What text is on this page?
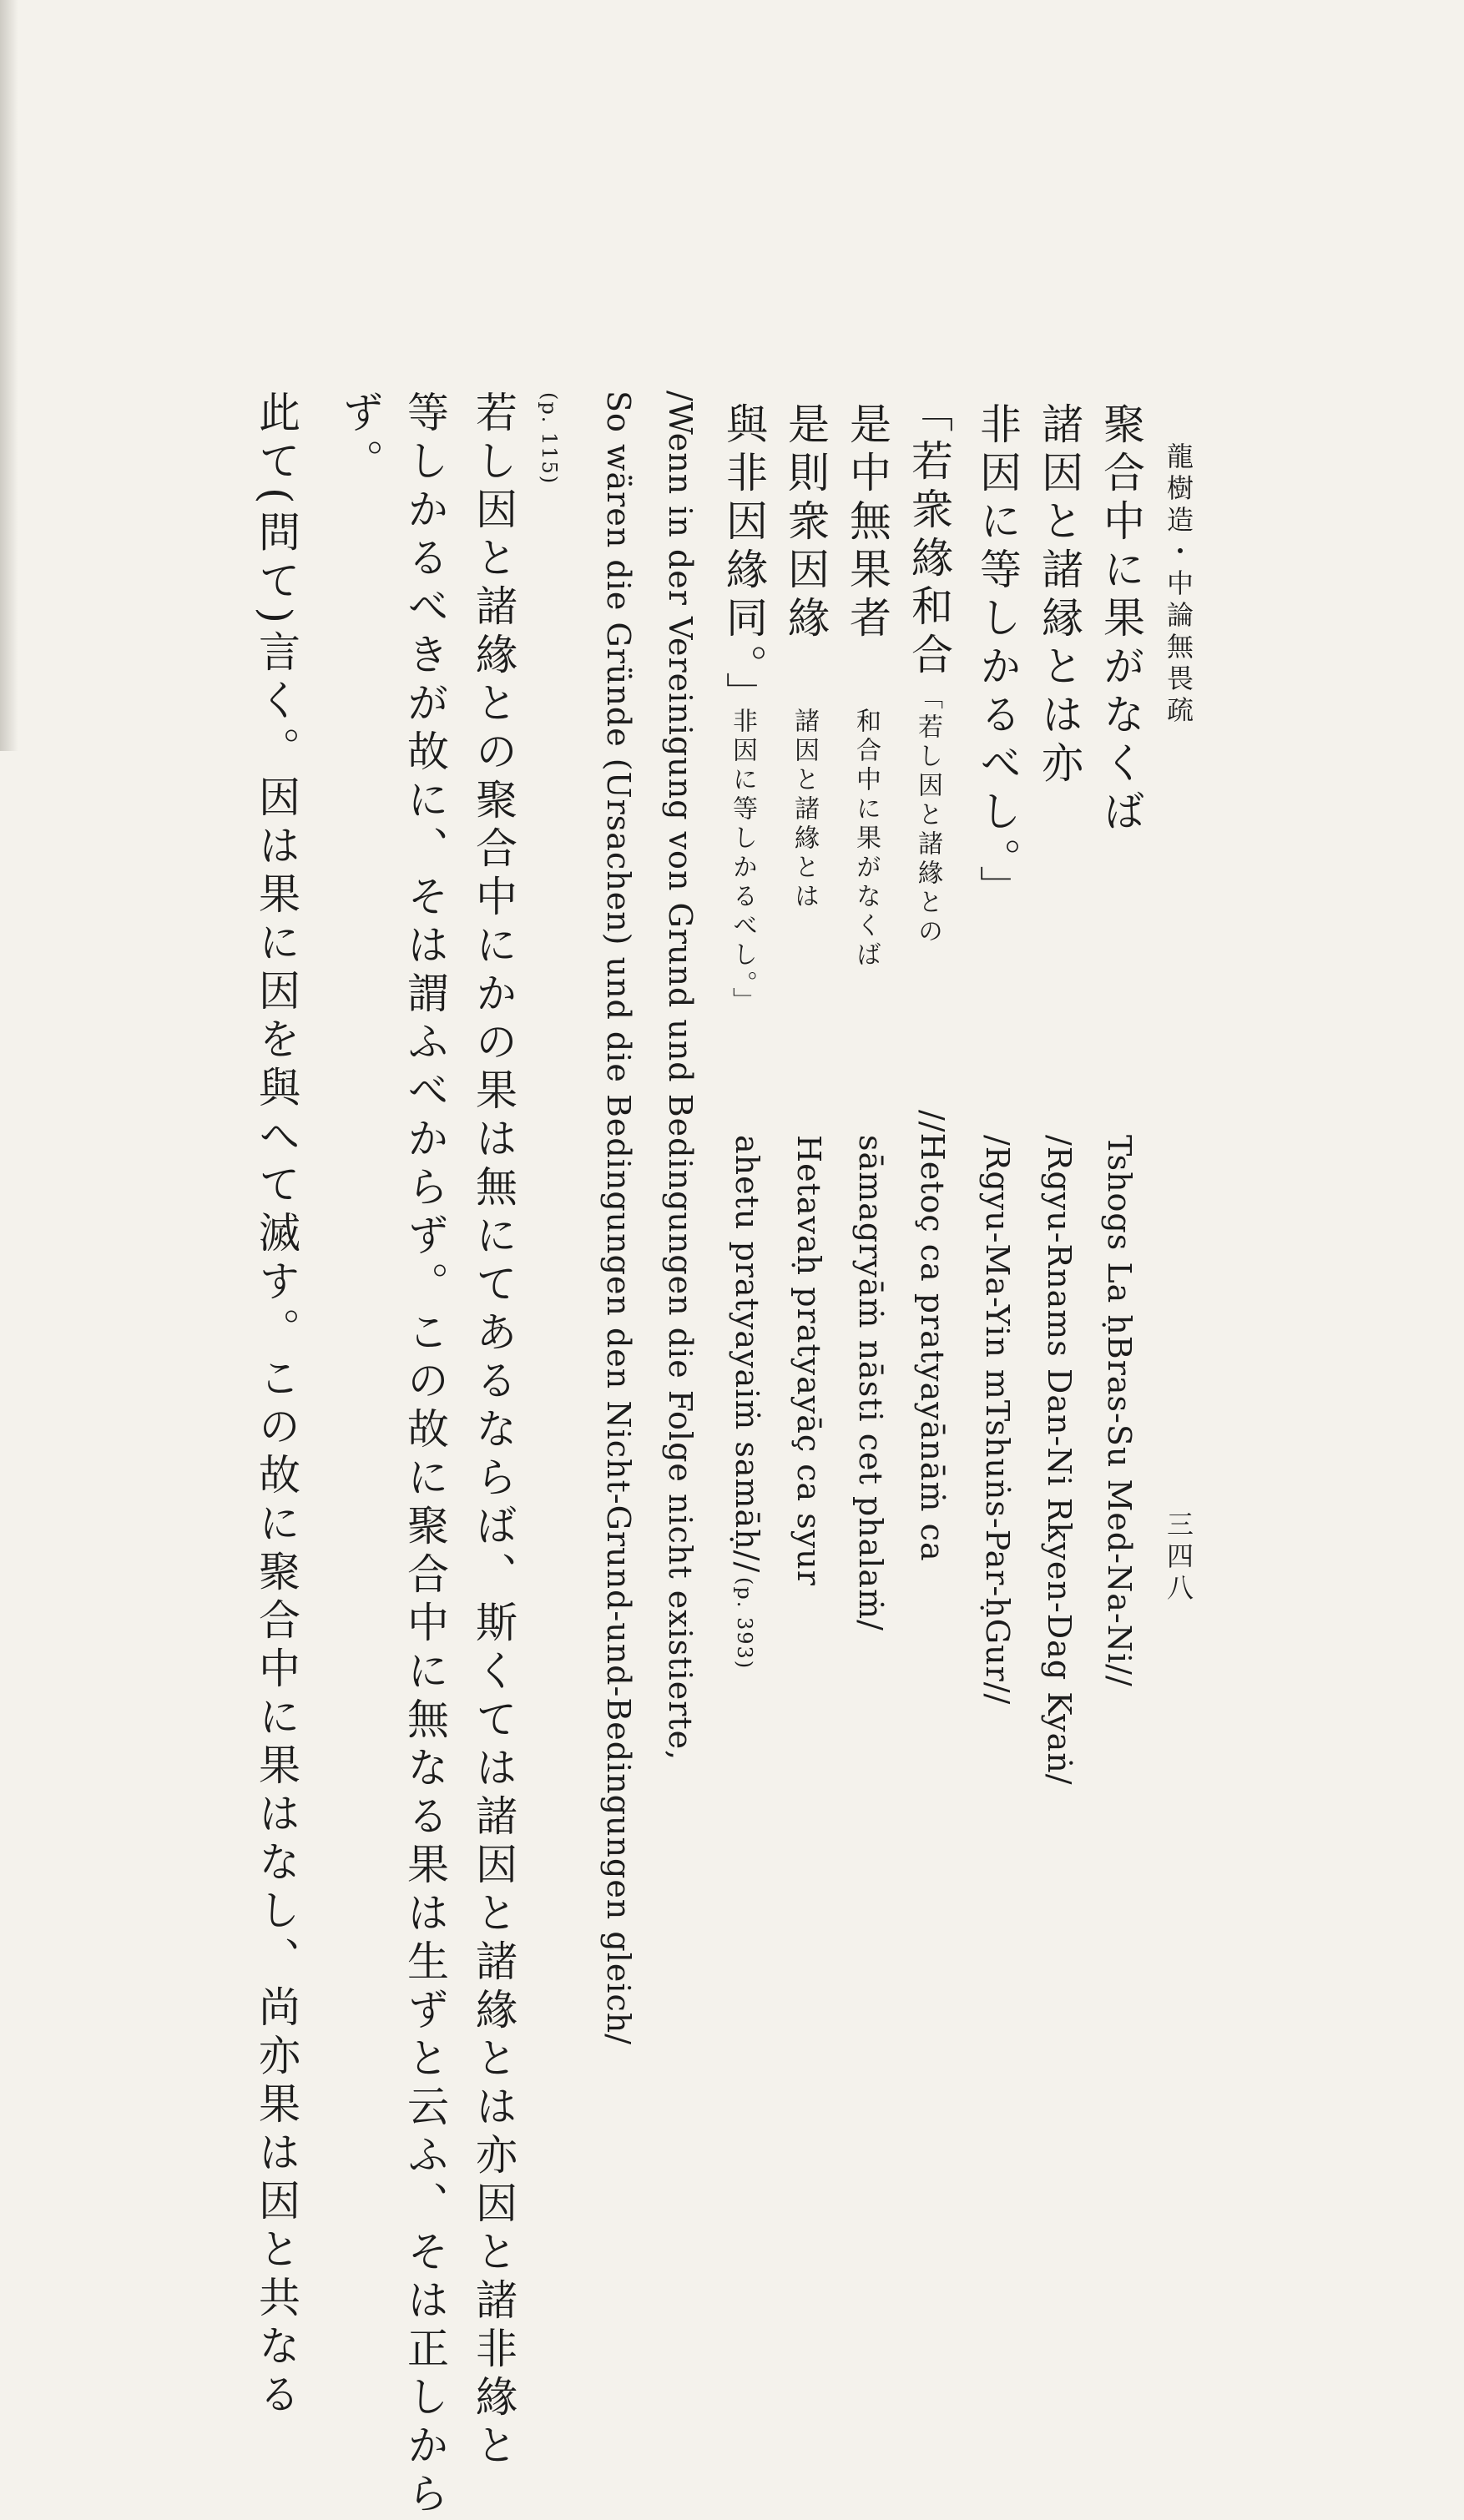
龍樹造・中論無畏疏
三四八
聚合中に果がなくば
諸因と諸縁とは亦
非因に等しかるべし。」
Tshogs La ḥBras-Su Med-Na-Ni//
/Rgyu-Rnams Dan-Ni Rkyen-Dag Kyaṅ/
/Rgyu-Ma-Yin mTshuṅs-Par-ḥGur//
「若衆緣和合
是中無果者
是則衆因緣
與非因緣同。」
「若し因と諸緣との
和合中に果がなくば
諸因と諸緣とは
非因に等しかるべし。」
//Hetoç ca pratyayānāṁ ca
sāmagryāṁ nāsti cet phalaṁ/
Hetavaḥ pratyayāç ca syur
ahetu pratyayaiṁ samāḥ//
(p. 393)
/Wenn in der Vereinigung von Grund und Bedingungen die Folge nicht existierte,
So wären die Gründe (Ursachen) und die Bedingungen den Nicht-Grund-und-Bedingungen gleich/
(p. 115)
若し因と諸緣との聚合中にかの果は無にてあるならば、斯くては諸因と諸緣とは亦因と諸非緣と
等しかるべきが故に、そは謂ふべからず。この故に聚合中に無なる果は生ずと云ふ、そは正しから
ず。
此て(問て)言く。因は果に因を與へて滅す。この故に聚合中に果はなし、尚亦果は因と共なる
